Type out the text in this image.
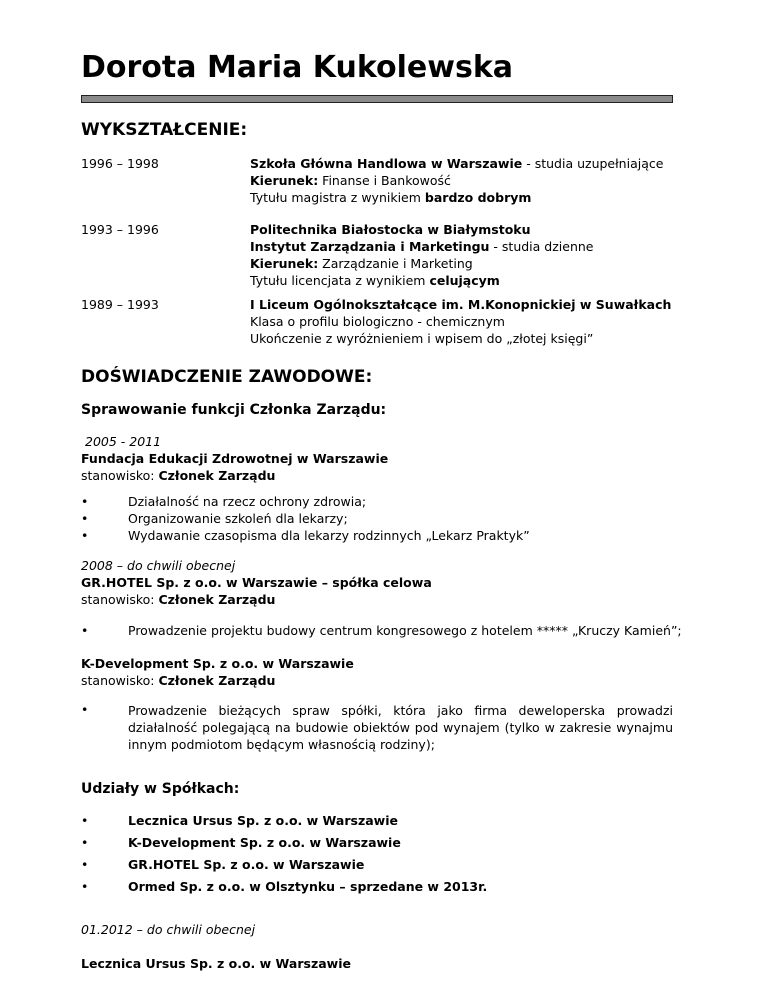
Dorota Maria Kukolewska
WYKSZTAŁCENIE:
1996 – 1998	Szkoła Główna Handlowa w Warszawie - studia uzupełniające
Kierunek: Finanse i Bankowość
Tytułu magistra z wynikiem bardzo dobrym
1993 – 1996	Politechnika Białostocka w Białymstoku
Instytut Zarządzania i Marketingu - studia dzienne
Kierunek: Zarządzanie i Marketing
Tytułu licencjata z wynikiem celującym
1989 – 1993	I Liceum Ogólnokształcące im. M.Konopnickiej w Suwałkach
Klasa o profilu biologiczno - chemicznym
Ukończenie z wyróżnieniem i wpisem do „złotej księgi”
DOŚWIADCZENIE ZAWODOWE:
Sprawowanie funkcji Członka Zarządu:
2005 - 2011
Fundacja Edukacji Zdrowotnej w Warszawie
stanowisko: Członek Zarządu
•	Działalność na rzecz ochrony zdrowia;
•	Organizowanie szkoleń dla lekarzy;
•	Wydawanie czasopisma dla lekarzy rodzinnych „Lekarz Praktyk”
2008 – do chwili obecnej
GR.HOTEL Sp. z o.o. w Warszawie – spółka celowa
stanowisko: Członek Zarządu
•	Prowadzenie projektu budowy centrum kongresowego z hotelem ***** „Kruczy Kamień”;
K-Development Sp. z o.o. w Warszawie
stanowisko: Członek Zarządu
•	Prowadzenie bieżących spraw spółki, która jako firma deweloperska prowadzi działalność polegającą na budowie obiektów pod wynajem (tylko w zakresie wynajmu innym podmiotom będącym własnością rodziny);
Udziały w Spółkach:
•	Lecznica Ursus Sp. z o.o. w Warszawie
•	K-Development Sp. z o.o. w Warszawie
•	GR.HOTEL Sp. z o.o. w Warszawie
•	Ormed Sp. z o.o. w Olsztynku – sprzedane w 2013r.
01.2012 – do chwili obecnej
Lecznica Ursus Sp. z o.o. w Warszawie
